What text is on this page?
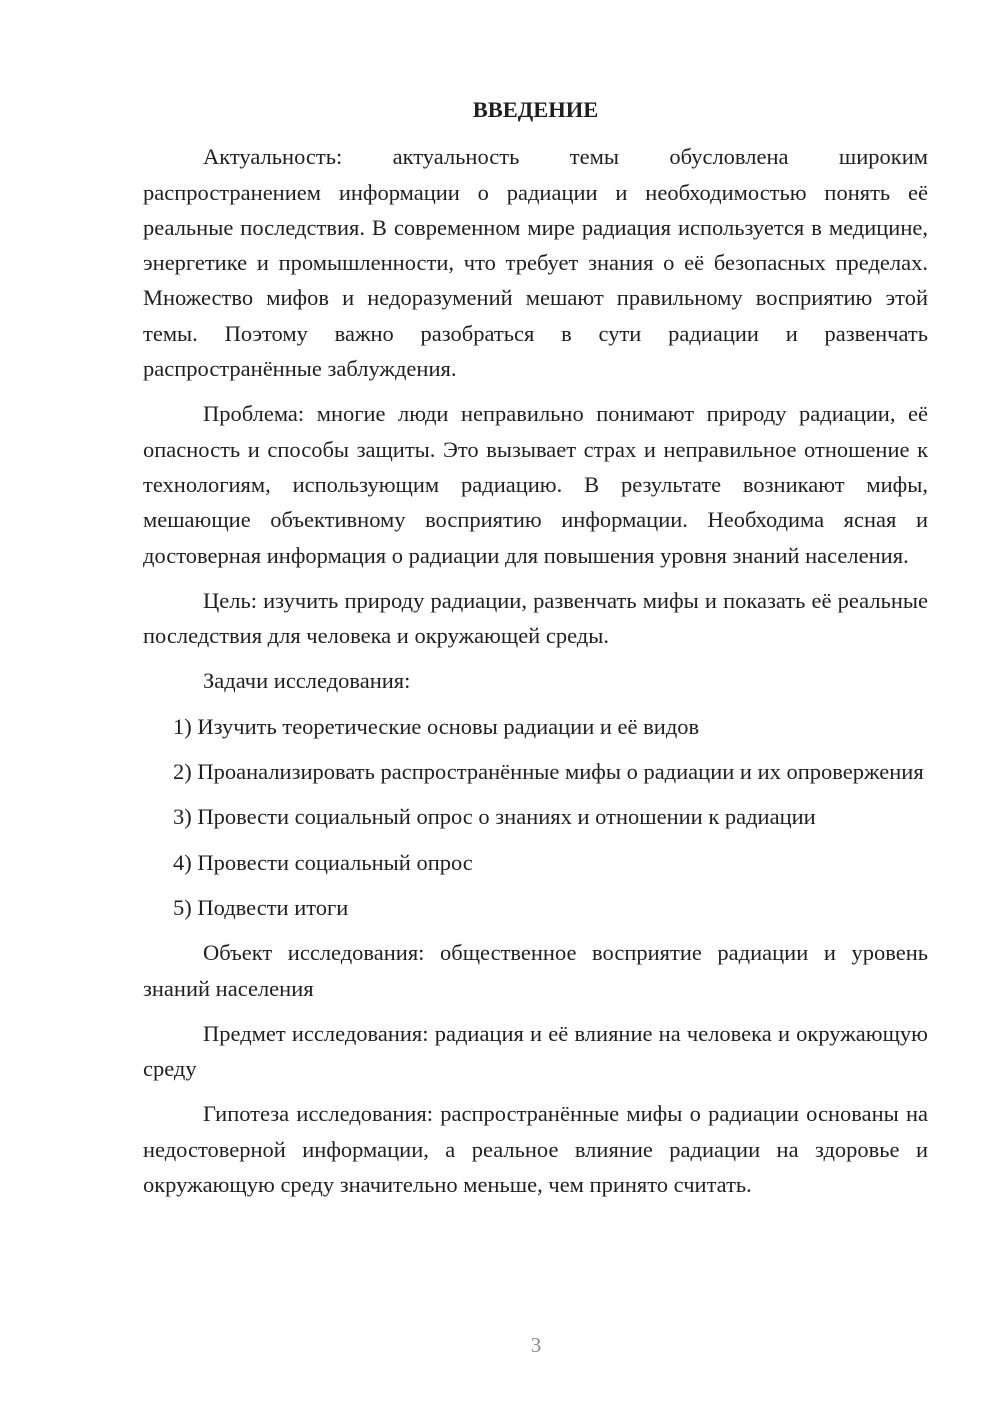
ВВЕДЕНИЕ

Актуальность: актуальность темы обусловлена широким распространением информации о радиации и необходимостью понять её реальные последствия. В современном мире радиация используется в медицине, энергетике и промышленности, что требует знания о её безопасных пределах. Множество мифов и недоразумений мешают правильному восприятию этой темы. Поэтому важно разобраться в сути радиации и развенчать распространённые заблуждения.

Проблема: многие люди неправильно понимают природу радиации, её опасность и способы защиты. Это вызывает страх и неправильное отношение к технологиям, использующим радиацию. В результате возникают мифы, мешающие объективному восприятию информации. Необходима ясная и достоверная информация о радиации для повышения уровня знаний населения.

Цель: изучить природу радиации, развенчать мифы и показать её реальные последствия для человека и окружающей среды.

Задачи исследования:

1) Изучить теоретические основы радиации и её видов

2) Проанализировать распространённые мифы о радиации и их опровержения

3) Провести социальный опрос о знаниях и отношении к радиации

4) Провести социальный опрос

5) Подвести итоги

Объект исследования: общественное восприятие радиации и уровень знаний населения

Предмет исследования: радиация и её влияние на человека и окружающую среду

Гипотеза исследования: распространённые мифы о радиации основаны на недостоверной информации, а реальное влияние радиации на здоровье и окружающую среду значительно меньше, чем принято считать.

3
